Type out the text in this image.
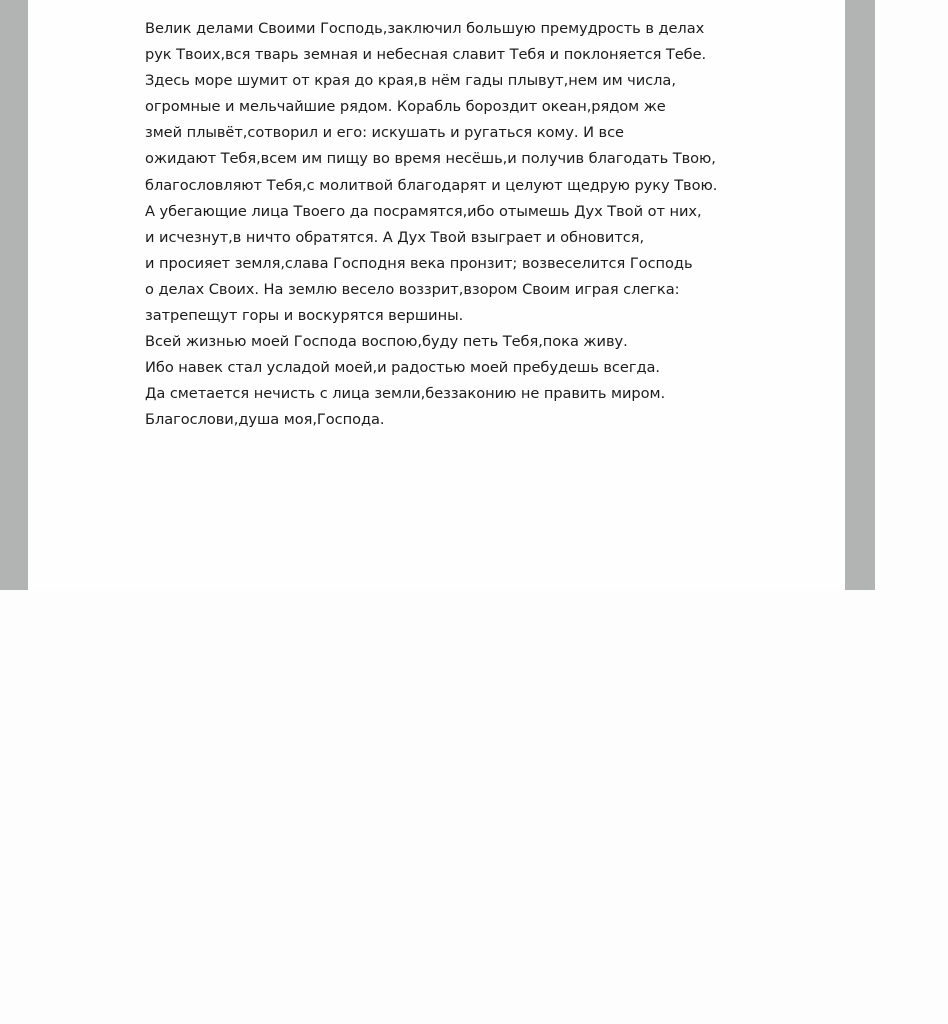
Велик делами Своими Господь,заключил большую премудрость в делах
рук Твоих,вся тварь земная и небесная славит Тебя и поклоняется Тебе.
Здесь море шумит от края до края,в нём гады плывут,нем им числа,
огромные и мельчайшие рядом. Корабль бороздит океан,рядом же
змей плывёт,сотворил и его: искушать и ругаться кому. И все
ожидают Тебя,всем им пищу во время несёшь,и получив благодать Твою,
благословляют Тебя,с молитвой благодарят и целуют щедрую руку Твою.
А убегающие лица Твоего да посрамятся,ибо отымешь Дух Твой от них,
и исчезнут,в ничто обратятся. А Дух Твой взыграет и обновится,
и просияет земля,слава Господня века пронзит; возвеселится Господь
о делах Своих. На землю весело воззрит,взором Своим играя слегка:
затрепещут горы и воскурятся вершины.
Всей жизнью моей Господа воспою,буду петь Тебя,пока живу.
Ибо навек стал усладой моей,и радостью моей пребудешь всегда.
Да сметается нечисть с лица земли,беззаконию не править миром.
Благослови,душа моя,Господа.
